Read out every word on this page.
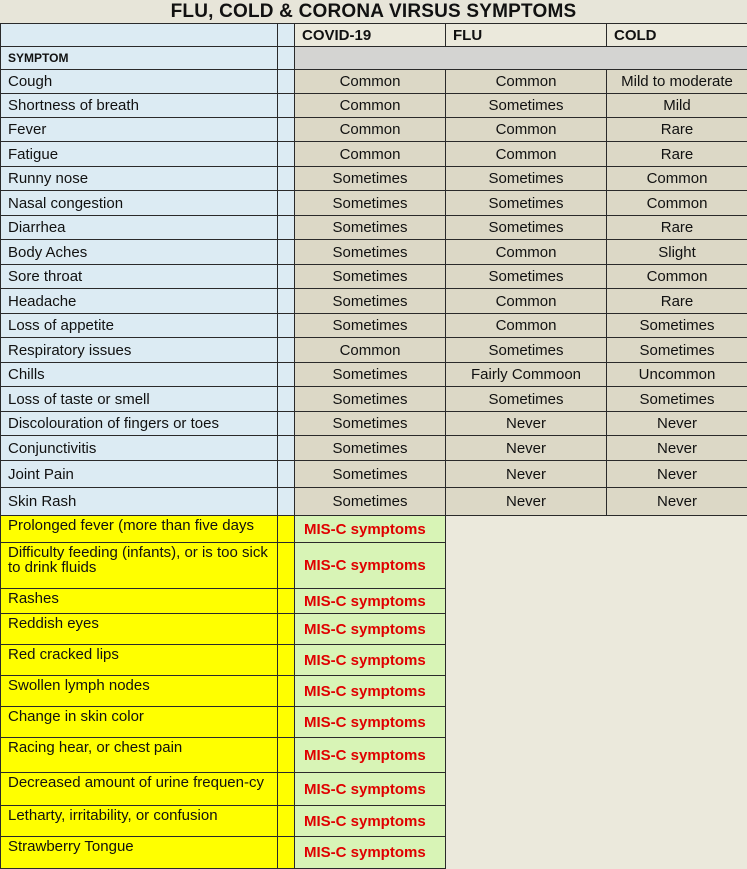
FLU, COLD & CORONA VIRSUS SYMPTOMS
		COVID-19	FLU	COLD
SYMPTOM				
Cough		Common	Common	Mild to moderate
Shortness of breath		Common	Sometimes	Mild
Fever		Common	Common	Rare
Fatigue		Common	Common	Rare
Runny nose		Sometimes	Sometimes	Common
Nasal congestion		Sometimes	Sometimes	Common
Diarrhea		Sometimes	Sometimes	Rare
Body Aches		Sometimes	Common	Slight
Sore throat		Sometimes	Sometimes	Common
Headache		Sometimes	Common	Rare
Loss of appetite		Sometimes	Common	Sometimes
Respiratory issues		Common	Sometimes	Sometimes
Chills		Sometimes	Fairly Commoon	Uncommon
Loss of taste or smell		Sometimes	Sometimes	Sometimes
Discolouration of fingers or toes		Sometimes	Never	Never
Conjunctivitis		Sometimes	Never	Never
Joint Pain		Sometimes	Never	Never
Skin Rash		Sometimes	Never	Never
Prolonged fever (more than five days		MIS-C symptoms		
Difficulty feeding (infants), or is too sick to drink fluids		MIS-C symptoms		
Rashes		MIS-C symptoms		
Reddish eyes		MIS-C symptoms		
Red cracked lips		MIS-C symptoms		
Swollen lymph nodes		MIS-C symptoms		
Change in skin color		MIS-C symptoms		
Racing hear, or chest pain		MIS-C symptoms		
Decreased amount of urine frequen-cy		MIS-C symptoms		
Letharty, irritability, or confusion		MIS-C symptoms		
Strawberry Tongue		MIS-C symptoms		
